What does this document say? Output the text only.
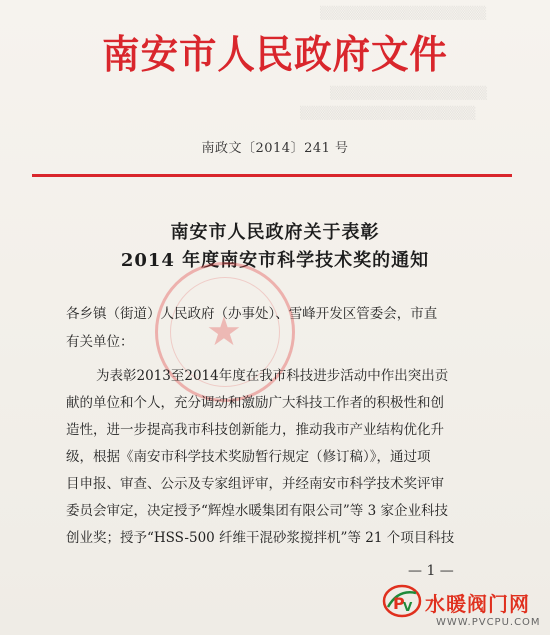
▒▒▒▒▒▒▒▒▒▒▒▒▒▒▒▒▒▒
▒▒▒▒▒▒▒▒▒▒▒▒▒▒▒▒▒
▒▒▒▒▒▒▒▒▒▒▒▒▒▒▒▒▒▒▒
南安市人民政府文件
南政文〔2014〕241 号
南安市人民政府关于表彰
2014 年度南安市科学技术奖的通知
★
各乡镇（街道）人民政府（办事处）、雪峰开发区管委会，市直
有关单位：
为表彰2013至2014年度在我市科技进步活动中作出突出贡
献的单位和个人，充分调动和激励广大科技工作者的积极性和创
造性，进一步提高我市科技创新能力，推动我市产业结构优化升
级，根据《南安市科学技术奖励暂行规定（修订稿）》，通过项
目申报、审查、公示及专家组评审，并经南安市科学技术奖评审
委员会审定，决定授予“辉煌水暖集团有限公司”等 3 家企业科技
创业奖；授予“HSS-500 纤维干混砂浆搅拌机”等 21 个项目科技
— 1 —
P
V 水暖阀门网
WWW.PVCPU.COM
